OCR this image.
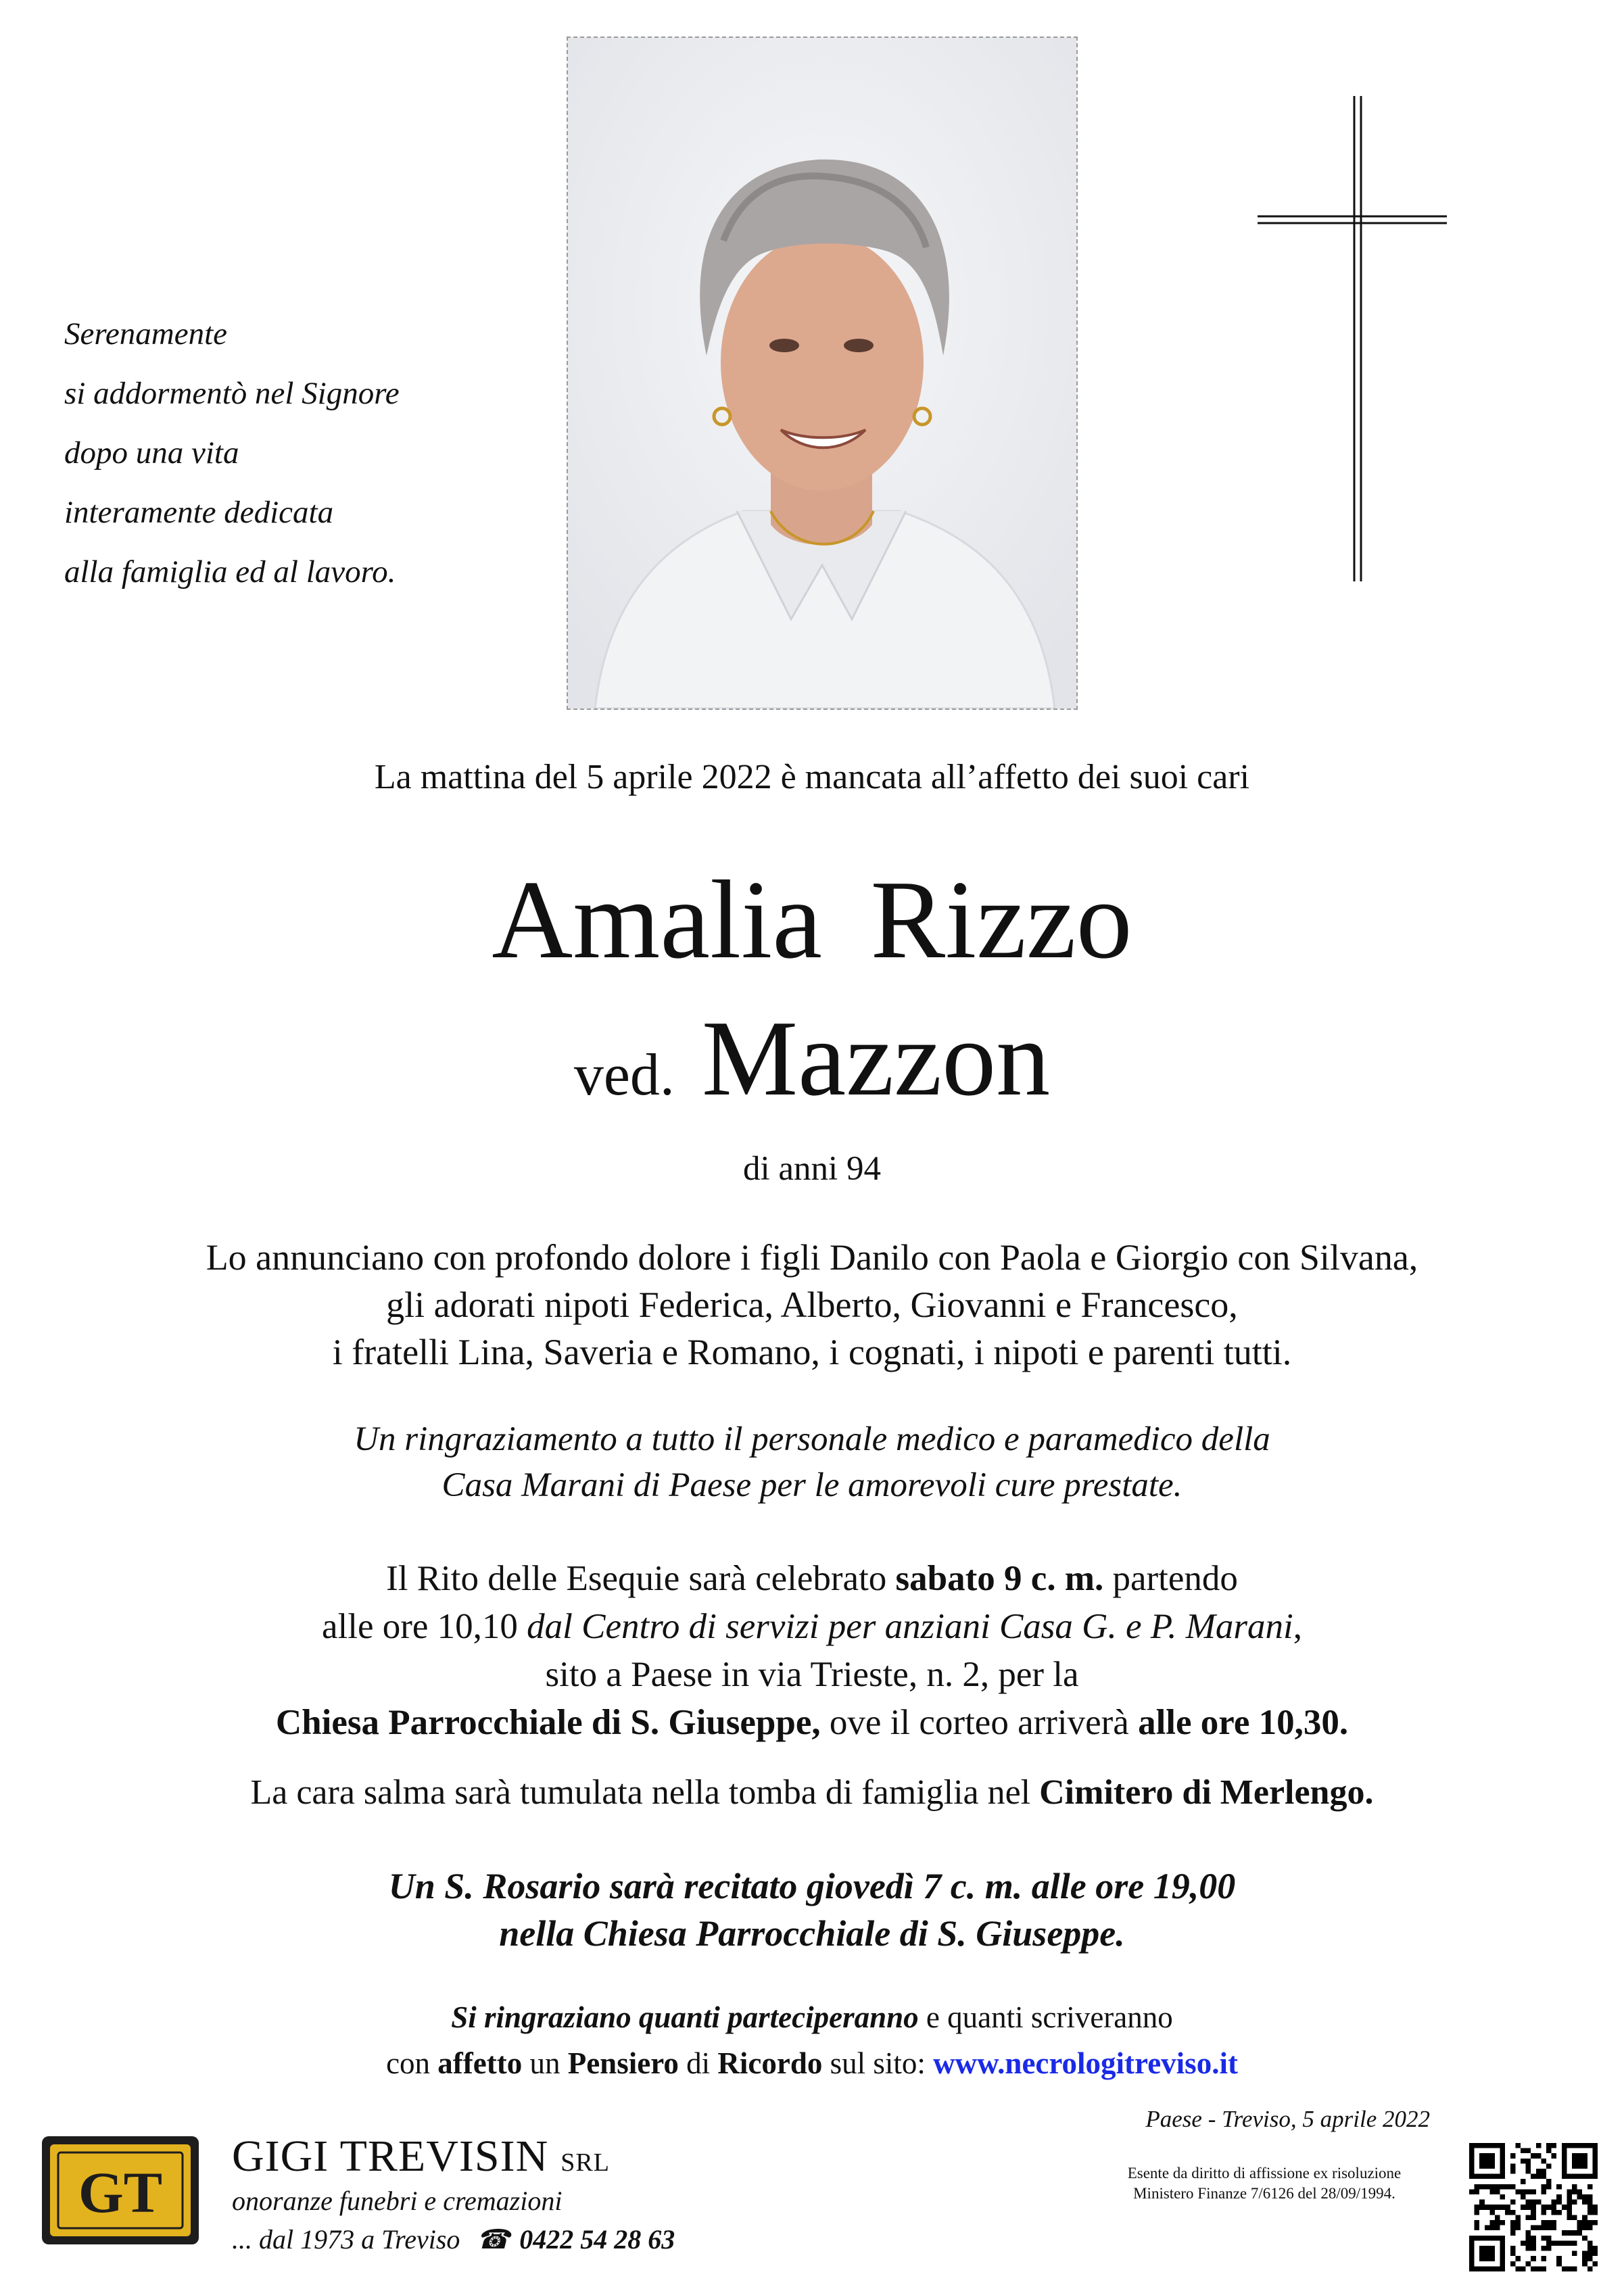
Serenamente
si addormentò nel Signore
dopo una vita
interamente dedicata
alla famiglia ed al lavoro.
La mattina del 5 aprile 2022 è mancata all’affetto dei suoi cari
Amalia Rizzo
ved. Mazzon
di anni 94
Lo annunciano con profondo dolore i figli Danilo con Paola e Giorgio con Silvana,
gli adorati nipoti Federica, Alberto, Giovanni e Francesco,
i fratelli Lina, Saveria e Romano, i cognati, i nipoti e parenti tutti.
Un ringraziamento a tutto il personale medico e paramedico della
Casa Marani di Paese per le amorevoli cure prestate.
Il Rito delle Esequie sarà celebrato sabato 9 c. m. partendo
alle ore 10,10 dal Centro di servizi per anziani Casa G. e P. Marani,
sito a Paese in via Trieste, n. 2, per la
Chiesa Parrocchiale di S. Giuseppe, ove il corteo arriverà alle ore 10,30.
La cara salma sarà tumulata nella tomba di famiglia nel Cimitero di Merlengo.
Un S. Rosario sarà recitato giovedì 7 c. m. alle ore 19,00
nella Chiesa Parrocchiale di S. Giuseppe.
Si ringraziano quanti parteciperanno e quanti scriveranno
con affetto un Pensiero di Ricordo sul sito: www.necrologitreviso.it
GT
GIGI TREVISIN SRL
onoranze funebri e cremazioni
... dal 1973 a Treviso ☎ 0422 54 28 63
Paese - Treviso, 5 aprile 2022
Esente da diritto di affissione ex risoluzione
Ministero Finanze 7/6126 del 28/09/1994.
